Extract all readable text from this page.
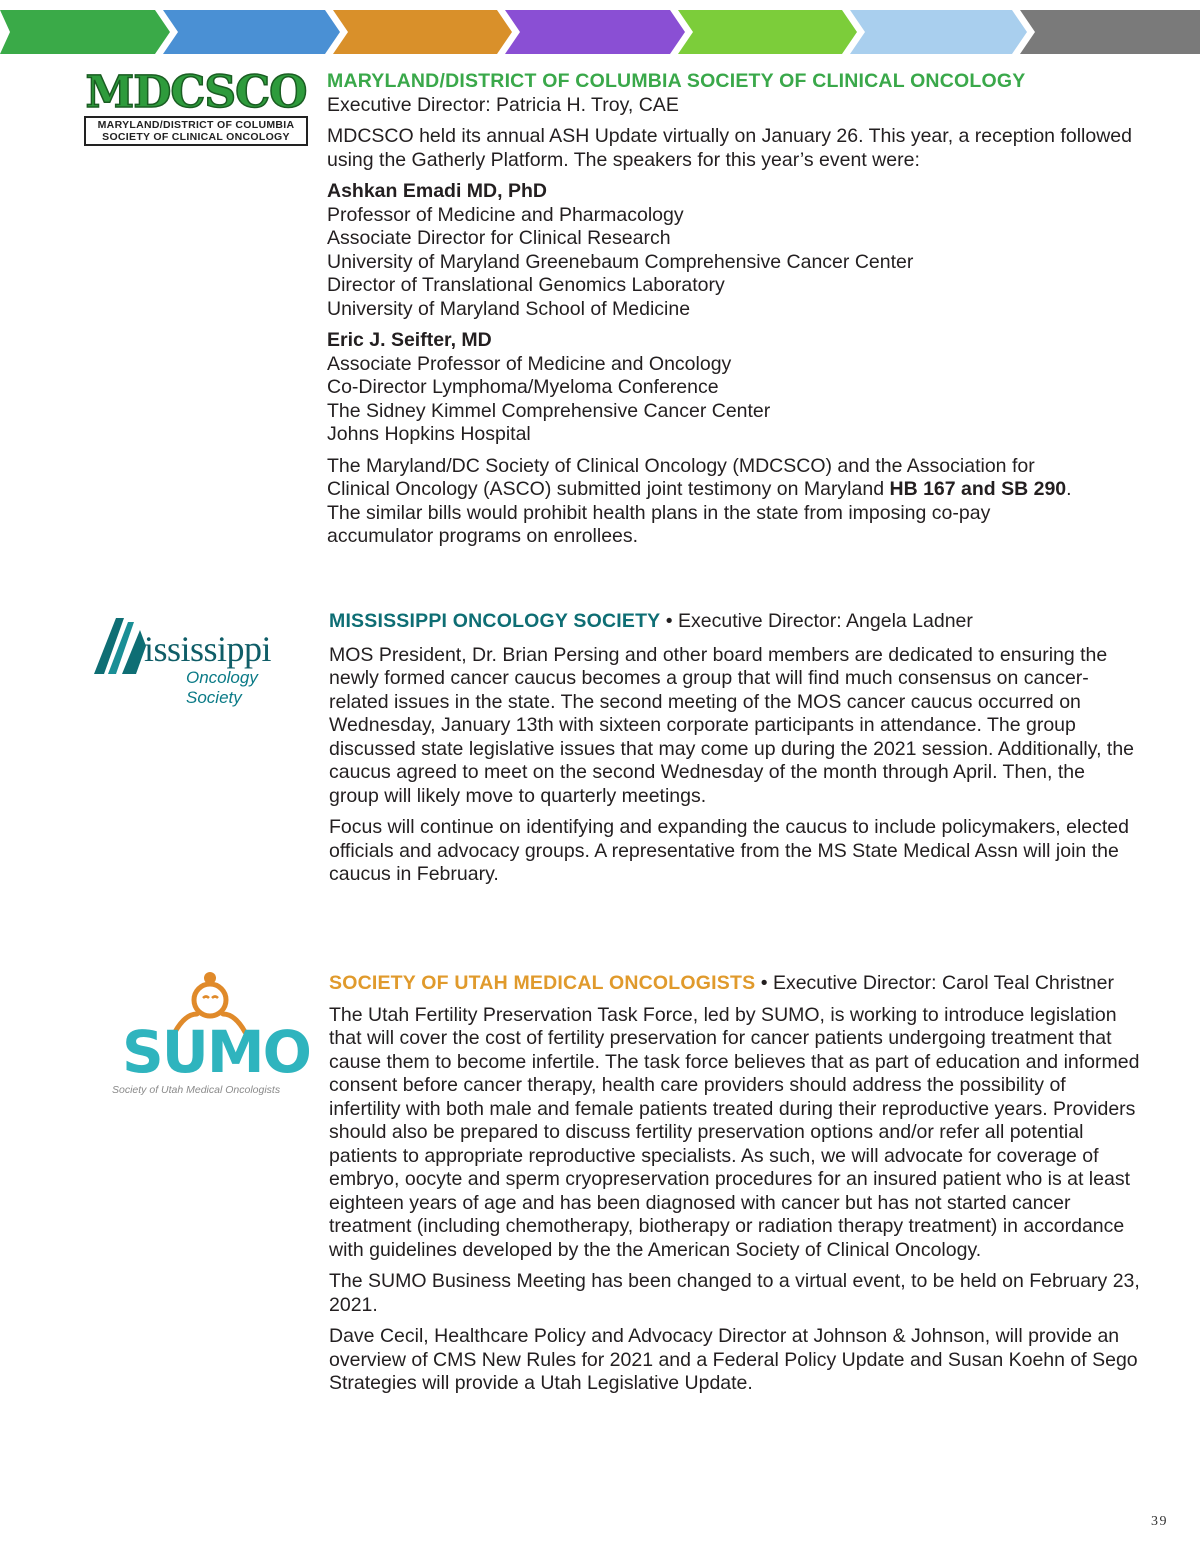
MDCSCO
MARYLAND/DISTRICT OF COLUMBIA
SOCIETY OF CLINICAL ONCOLOGY
MARYLAND/DISTRICT OF COLUMBIA SOCIETY OF CLINICAL ONCOLOGY
Executive Director: Patricia H. Troy, CAE

MDCSCO held its annual ASH Update virtually on January 26. This year, a reception followed using the Gatherly Platform. The speakers for this year’s event were:

Ashkan Emadi MD, PhD
Professor of Medicine and Pharmacology
Associate Director for Clinical Research
University of Maryland Greenebaum Comprehensive Cancer Center
Director of Translational Genomics Laboratory
University of Maryland School of Medicine
Eric J. Seifter, MD
Associate Professor of Medicine and Oncology
Co-Director Lymphoma/Myeloma Conference
The Sidney Kimmel Comprehensive Cancer Center
Johns Hopkins Hospital

The Maryland/DC Society of Clinical Oncology (MDCSCO) and the Association for Clinical Oncology (ASCO) submitted joint testimony on Maryland HB 167 and SB 290. The similar bills would prohibit health plans in the state from imposing co-pay accumulator programs on enrollees.

ississippi
Oncology Society
MISSISSIPPI ONCOLOGY SOCIETY • Executive Director: Angela Ladner

MOS President, Dr. Brian Persing and other board members are dedicated to ensuring the newly formed cancer caucus becomes a group that will find much consensus on cancer-related issues in the state. The second meeting of the MOS cancer caucus occurred on Wednesday, January 13th with sixteen corporate participants in attendance. The group discussed state legislative issues that may come up during the 2021 session. Additionally, the caucus agreed to meet on the second Wednesday of the month through April. Then, the group will likely move to quarterly meetings.

Focus will continue on identifying and expanding the caucus to include policymakers, elected officials and advocacy groups. A representative from the MS State Medical Assn will join the caucus in February.

SUMO
Society of Utah Medical Oncologists
SOCIETY OF UTAH MEDICAL ONCOLOGISTS • Executive Director: Carol Teal Christner

The Utah Fertility Preservation Task Force, led by SUMO, is working to introduce legislation that will cover the cost of fertility preservation for cancer patients undergoing treatment that cause them to become infertile. The task force believes that as part of education and informed consent before cancer therapy, health care providers should address the possibility of infertility with both male and female patients treated during their reproductive years. Providers should also be prepared to discuss fertility preservation options and/or refer all potential patients to appropriate reproductive specialists. As such, we will advocate for coverage of embryo, oocyte and sperm cryopreservation procedures for an insured patient who is at least eighteen years of age and has been diagnosed with cancer but has not started cancer treatment (including chemotherapy, biotherapy or radiation therapy treatment) in accordance with guidelines developed by the the American Society of Clinical Oncology.

The SUMO Business Meeting has been changed to a virtual event, to be held on February 23, 2021.

Dave Cecil, Healthcare Policy and Advocacy Director at Johnson & Johnson, will provide an overview of CMS New Rules for 2021 and a Federal Policy Update and Susan Koehn of Sego Strategies will provide a Utah Legislative Update.

39
